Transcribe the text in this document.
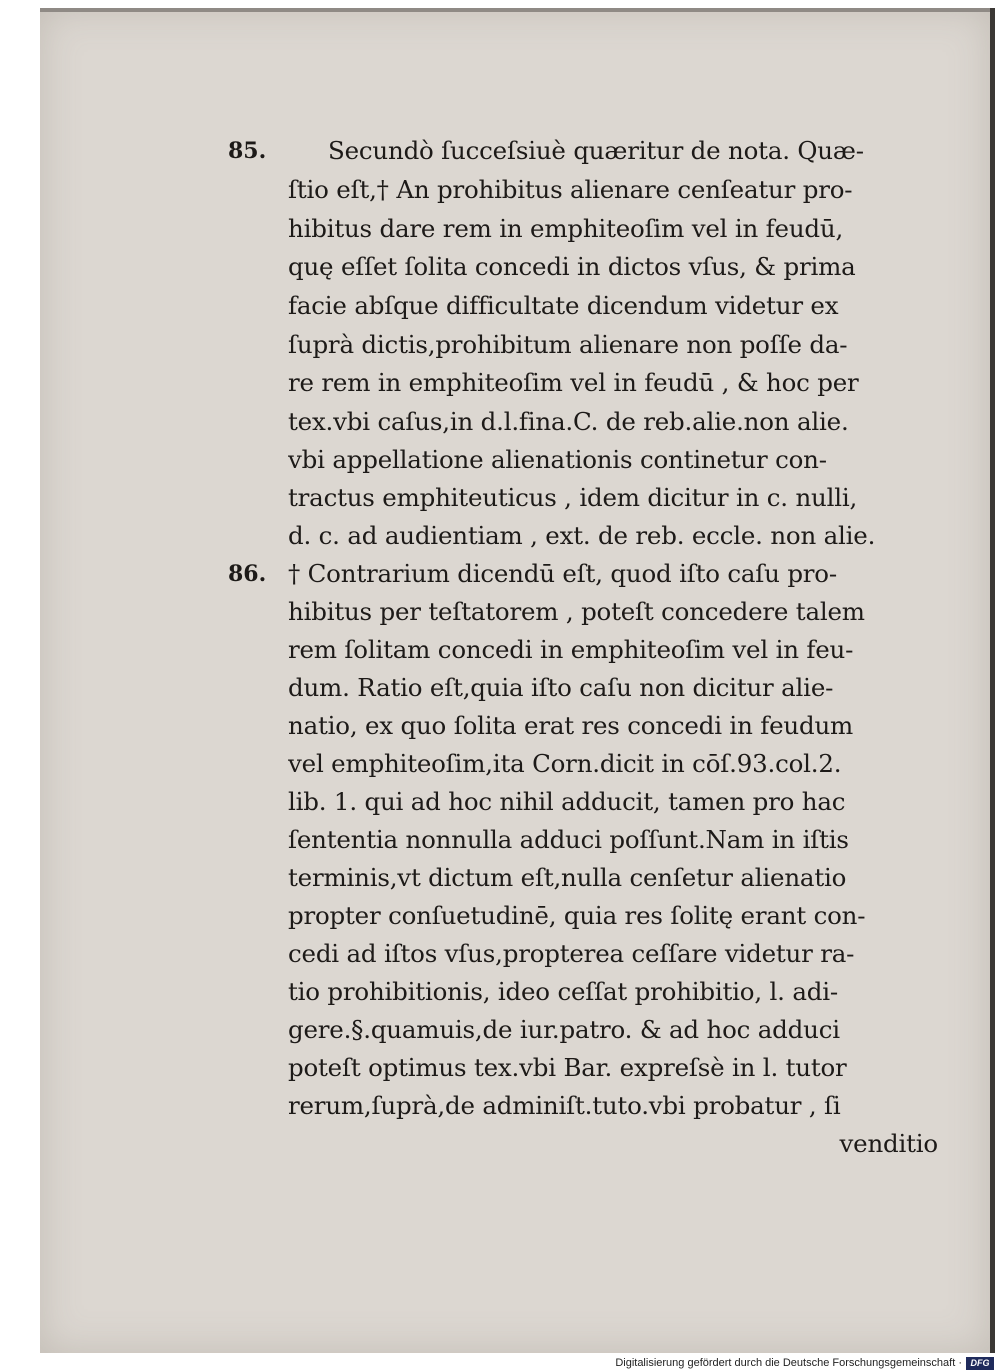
85.
86.
Secundò ſucceſsiuè quæritur de nota. Quæ-
ſtio eſt,† An prohibitus alienare cenſeatur pro-
hibitus dare rem in emphiteoſim vel in feudū,
quę eſſet ſolita concedi in dictos vſus, & prima
facie abſque difficultate dicendum videtur ex
ſuprà dictis,prohibitum alienare non poſſe da-
re rem in emphiteoſim vel in feudū , & hoc per
tex.vbi caſus,in d.l.fina.C. de reb.alie.non alie.
vbi appellatione alienationis continetur con-
tractus emphiteuticus , idem dicitur in c. nulli,
d. c. ad audientiam , ext. de reb. eccle. non alie.
† Contrarium dicendū eſt, quod iſto caſu pro-
hibitus per teſtatorem , poteſt concedere talem
rem ſolitam concedi in emphiteoſim vel in feu-
dum. Ratio eſt,quia iſto caſu non dicitur alie-
natio, ex quo ſolita erat res concedi in feudum
vel emphiteoſim,ita Corn.dicit in cōſ.93.col.2.
lib. 1. qui ad hoc nihil adducit, tamen pro hac
ſententia nonnulla adduci poſſunt.Nam in iſtis
terminis,vt dictum eſt,nulla cenſetur alienatio
propter conſuetudinē, quia res ſolitę erant con-
cedi ad iſtos vſus,propterea ceſſare videtur ra-
tio prohibitionis, ideo ceſſat prohibitio, l. adi-
gere.§.quamuis,de iur.patro. & ad hoc adduci
poteſt optimus tex.vbi Bar. expreſsè in l. tutor
rerum,ſuprà,de adminiſt.tuto.vbi probatur , ſi
venditio
Digitalisierung gefördert durch die Deutsche Forschungsgemeinschaft · DFG
